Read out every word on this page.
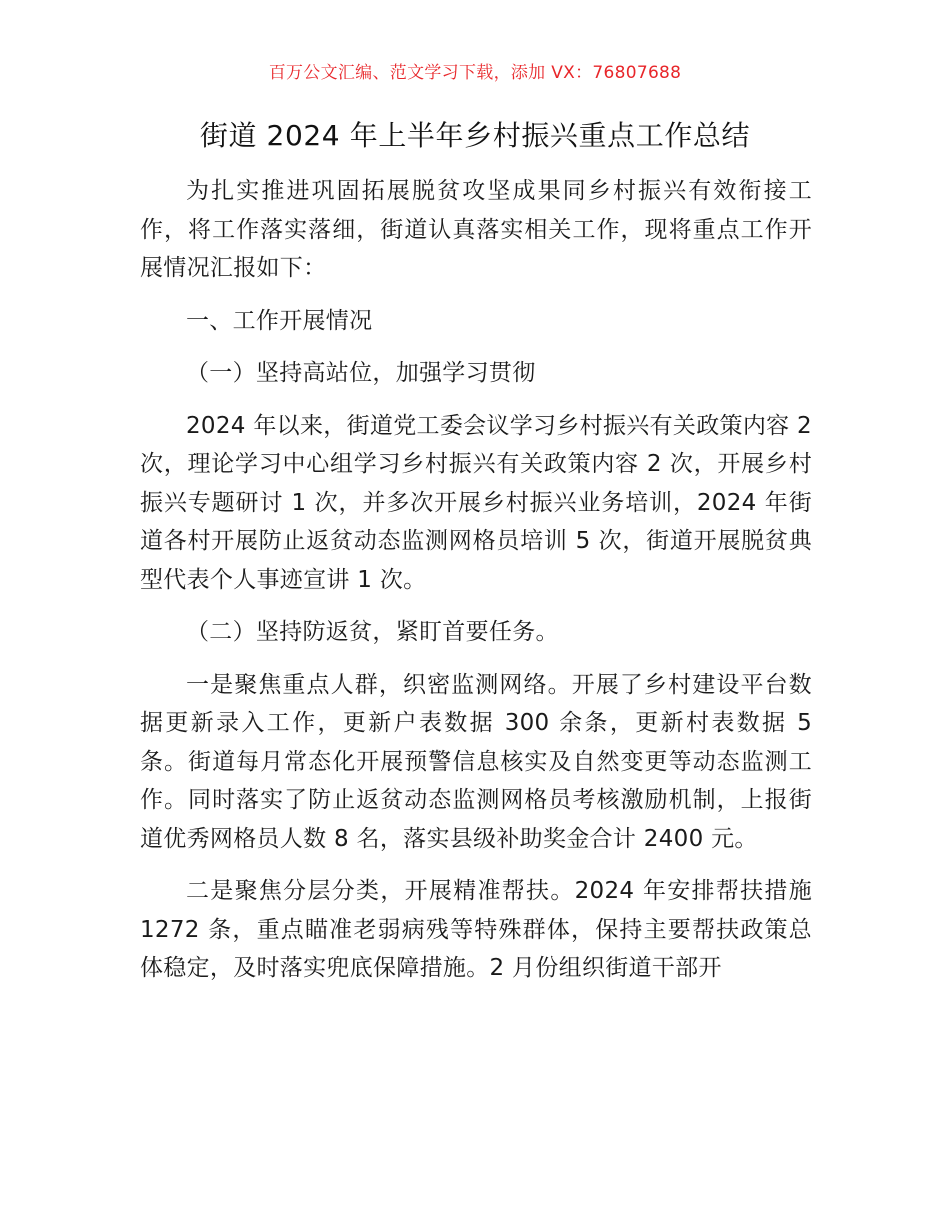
百万公文汇编、范文学习下载，添加 VX：76807688
街道 2024 年上半年乡村振兴重点工作总结

为扎实推进巩固拓展脱贫攻坚成果同乡村振兴有效衔接工作，将工作落实落细，街道认真落实相关工作，现将重点工作开展情况汇报如下：

一、工作开展情况

（一）坚持高站位，加强学习贯彻

2024 年以来，街道党工委会议学习乡村振兴有关政策内容 2 次，理论学习中心组学习乡村振兴有关政策内容 2 次，开展乡村振兴专题研讨 1 次，并多次开展乡村振兴业务培训，2024 年街道各村开展防止返贫动态监测网格员培训 5 次，街道开展脱贫典型代表个人事迹宣讲 1 次。

（二）坚持防返贫，紧盯首要任务。

一是聚焦重点人群，织密监测网络。开展了乡村建设平台数据更新录入工作，更新户表数据 300 余条，更新村表数据 5 条。街道每月常态化开展预警信息核实及自然变更等动态监测工作。同时落实了防止返贫动态监测网格员考核激励机制，上报街道优秀网格员人数 8 名，落实县级补助奖金合计 2400 元。

二是聚焦分层分类，开展精准帮扶。2024 年安排帮扶措施 1272 条，重点瞄准老弱病残等特殊群体，保持主要帮扶政策总体稳定，及时落实兜底保障措施。2 月份组织街道干部开
